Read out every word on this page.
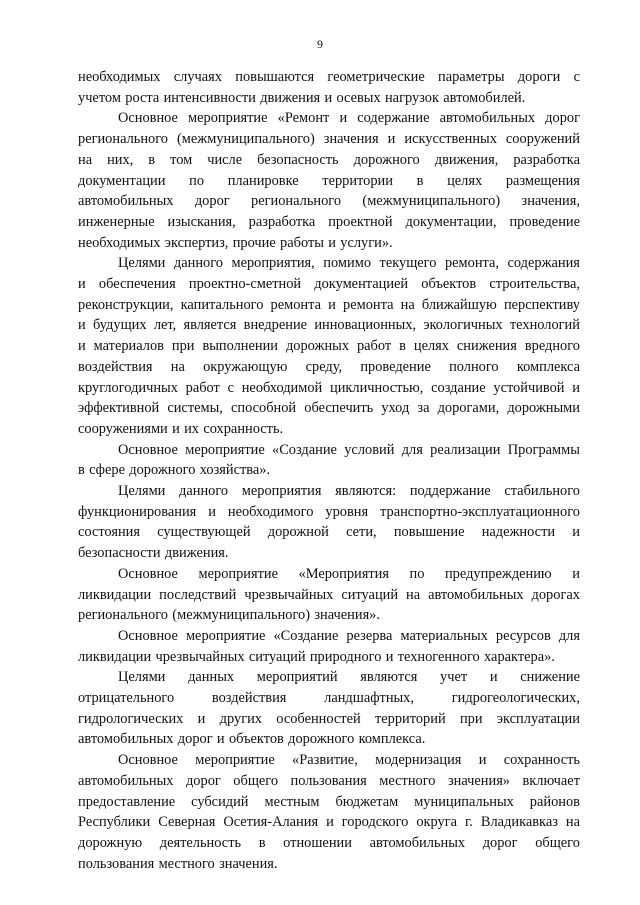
9
необходимых случаях повышаются геометрические параметры дороги с
учетом роста интенсивности движения и осевых нагрузок автомобилей.
Основное мероприятие «Ремонт и содержание автомобильных дорог
регионального (межмуниципального) значения и искусственных сооружений
на них, в том числе безопасность дорожного движения, разработка
документации по планировке территории в целях размещения
автомобильных дорог регионального (межмуниципального) значения,
инженерные изыскания, разработка проектной документации, проведение
необходимых экспертиз, прочие работы и услуги».
Целями данного мероприятия, помимо текущего ремонта, содержания
и обеспечения проектно-сметной документацией объектов строительства,
реконструкции, капитального ремонта и ремонта на ближайшую перспективу
и будущих лет, является внедрение инновационных, экологичных технологий
и материалов при выполнении дорожных работ в целях снижения вредного
воздействия на окружающую среду, проведение полного комплекса
круглогодичных работ с необходимой цикличностью, создание устойчивой и
эффективной системы, способной обеспечить уход за дорогами, дорожными
сооружениями и их сохранность.
Основное мероприятие «Создание условий для реализации Программы
в сфере дорожного хозяйства».
Целями данного мероприятия являются: поддержание стабильного
функционирования и необходимого уровня транспортно-эксплуатационного
состояния существующей дорожной сети, повышение надежности и
безопасности движения.
Основное мероприятие «Мероприятия по предупреждению и
ликвидации последствий чрезвычайных ситуаций на автомобильных дорогах
регионального (межмуниципального) значения».
Основное мероприятие «Создание резерва материальных ресурсов для
ликвидации чрезвычайных ситуаций природного и техногенного характера».
Целями данных мероприятий являются учет и снижение
отрицательного	воздействия	ландшафтных,	гидрогеологических,
гидрологических и других особенностей территорий при эксплуатации
автомобильных дорог и объектов дорожного комплекса.
Основное мероприятие «Развитие, модернизация и сохранность
автомобильных дорог общего пользования местного значения» включает
предоставление субсидий местным бюджетам муниципальных районов
Республики Северная Осетия-Алания и городского округа г. Владикавказ на
дорожную деятельность в отношении автомобильных дорог общего
пользования местного значения.
